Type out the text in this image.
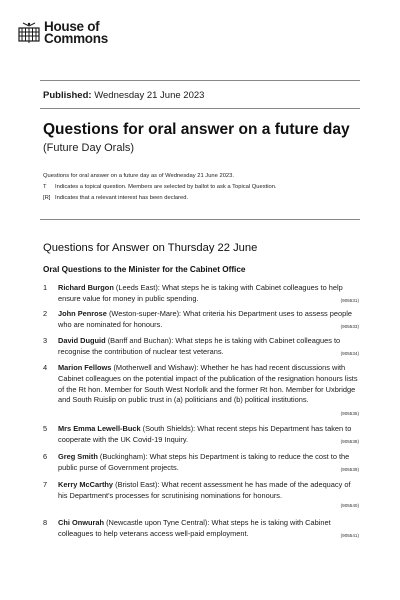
House of
Commons
Published: Wednesday 21 June 2023
Questions for oral answer on a future day
(Future Day Orals)
Questions for oral answer on a future day as of Wednesday 21 June 2023.
T Indicates a topical question. Members are selected by ballot to ask a Topical Question.
[R] Indicates that a relevant interest has been declared.
Questions for Answer on Thursday 22 June
Oral Questions to the Minister for the Cabinet Office
1	Richard Burgon (Leeds East): What steps he is taking with Cabinet colleagues to help ensure value for money in public spending.	(905531)
2	John Penrose (Weston-super-Mare): What criteria his Department uses to assess people who are nominated for honours.	(905533)
3	David Duguid (Banff and Buchan): What steps he is taking with Cabinet colleagues to recognise the contribution of nuclear test veterans.	(905534)
4	Marion Fellows (Motherwell and Wishaw): Whether he has had recent discussions with Cabinet colleagues on the potential impact of the publication of the resignation honours lists of the Rt hon. Member for South West Norfolk and the former Rt hon. Member for Uxbridge and South Ruislip on public trust in (a) politicians and (b) political institutions.
(905535)
5	Mrs Emma Lewell-Buck (South Shields): What recent steps his Department has taken to cooperate with the UK Covid-19 Inquiry.	(905538)
6	Greg Smith (Buckingham): What steps his Department is taking to reduce the cost to the public purse of Government projects.	(905539)
7	Kerry McCarthy (Bristol East): What recent assessment he has made of the adequacy of his Department's processes for scrutinising nominations for honours.
(905540)
8	Chi Onwurah (Newcastle upon Tyne Central): What steps he is taking with Cabinet colleagues to help veterans access well-paid employment.	(905541)
